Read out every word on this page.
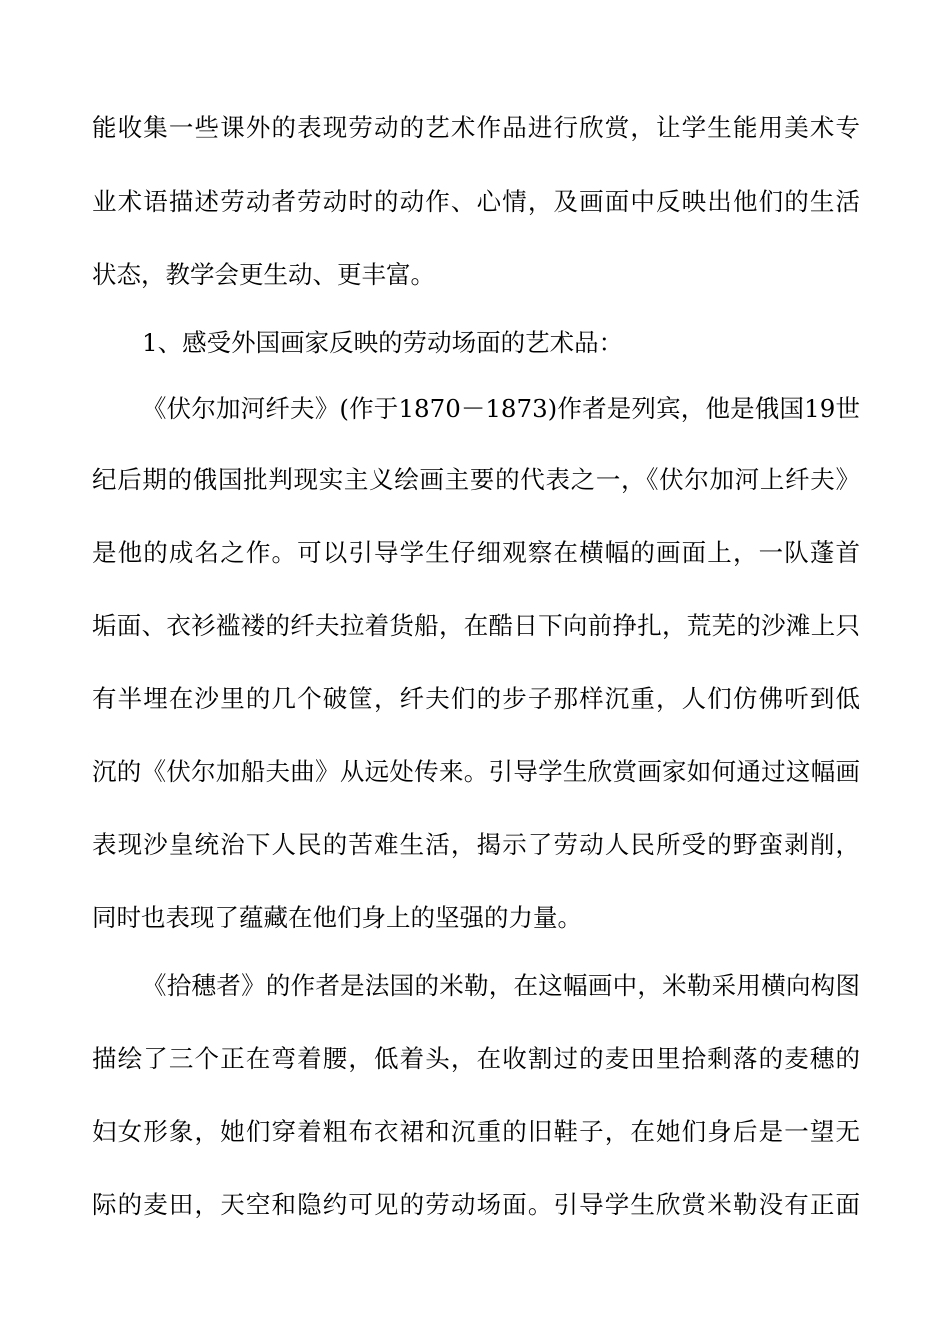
能收集一些课外的表现劳动的艺术作品进行欣赏，让学生能用美术专
业术语描述劳动者劳动时的动作、心情，及画面中反映出他们的生活
状态，教学会更生动、更丰富。
1、感受外国画家反映的劳动场面的艺术品：
《伏尔加河纤夫》(作于1870－1873)作者是列宾，他是俄国19世
纪后期的俄国批判现实主义绘画主要的代表之一，《伏尔加河上纤夫》
是他的成名之作。可以引导学生仔细观察在横幅的画面上，一队蓬首
垢面、衣衫褴褛的纤夫拉着货船，在酷日下向前挣扎，荒芜的沙滩上只
有半埋在沙里的几个破筐，纤夫们的步子那样沉重，人们仿佛听到低
沉的《伏尔加船夫曲》从远处传来。引导学生欣赏画家如何通过这幅画
表现沙皇统治下人民的苦难生活，揭示了劳动人民所受的野蛮剥削，
同时也表现了蕴藏在他们身上的坚强的力量。
《拾穗者》的作者是法国的米勒，在这幅画中，米勒采用横向构图
描绘了三个正在弯着腰，低着头，在收割过的麦田里拾剩落的麦穗的
妇女形象，她们穿着粗布衣裙和沉重的旧鞋子，在她们身后是一望无
际的麦田，天空和隐约可见的劳动场面。引导学生欣赏米勒没有正面
